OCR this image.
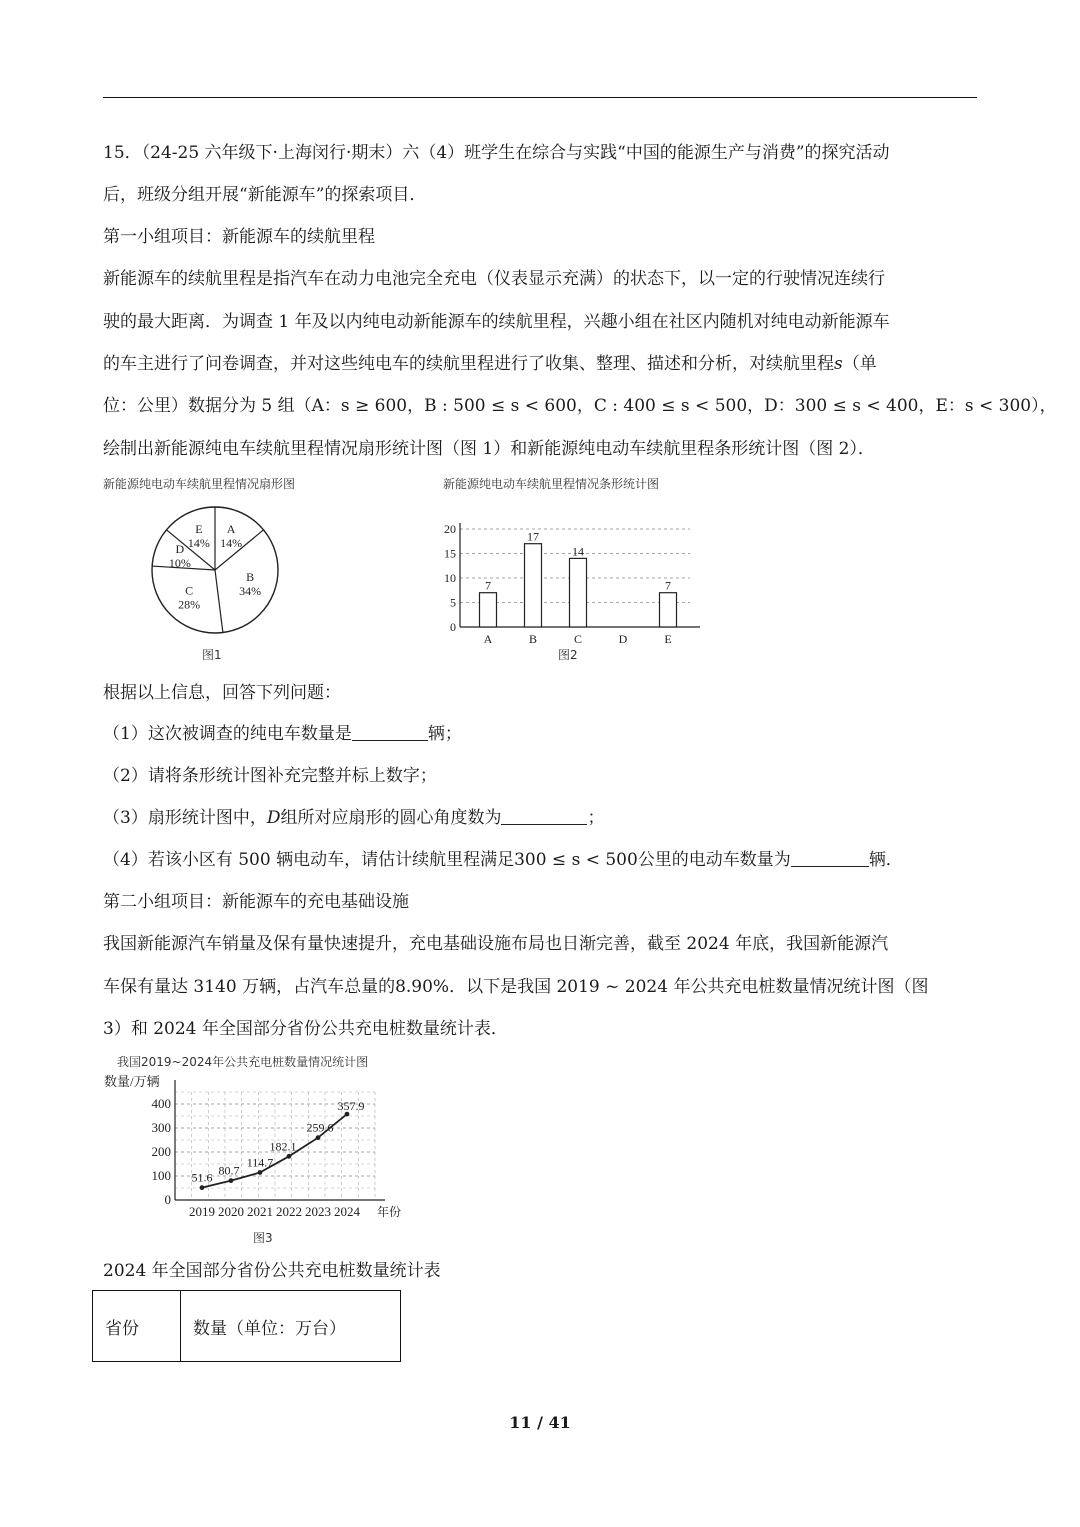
15．（24-25 六年级下·上海闵行·期末）六（4）班学生在综合与实践“中国的能源生产与消费”的探究活动
后，班级分组开展“新能源车”的探索项目．
第一小组项目：新能源车的续航里程
新能源车的续航里程是指汽车在动力电池完全充电（仪表显示充满）的状态下，以一定的行驶情况连续行
驶的最大距离．为调查 1 年及以内纯电动新能源车的续航里程，兴趣小组在社区内随机对纯电动新能源车
的车主进行了问卷调查，并对这些纯电车的续航里程进行了收集、整理、描述和分析，对续航里程s（单
位：公里）数据分为 5 组（A：s ≥ 600，B : 500 ≤ s < 600，C : 400 ≤ s < 500，D：300 ≤ s < 400，E：s < 300），
绘制出新能源纯电车续航里程情况扇形统计图（图 1）和新能源纯电动车续航里程条形统计图（图 2）．
新能源纯电动车续航里程情况扇形图
A
14%
B
34%
C
28%
D
10%
E
14%
图1
新能源纯电动车续航里程情况条形统计图
0
5
10
15
20
7
A
17
B
14
C	D
7
E
图2
根据以上信息，回答下列问题：
（1）这次被调查的纯电车数量是	辆；
（2）请将条形统计图补充完整并标上数字；
（3）扇形统计图中，D组所对应扇形的圆心角度数为	；
（4）若该小区有 500 辆电动车，请估计续航里程满足300 ≤ s < 500公里的电动车数量为	辆．
第二小组项目：新能源车的充电基础设施
我国新能源汽车销量及保有量快速提升，充电基础设施布局也日渐完善，截至 2024 年底，我国新能源汽
车保有量达 3140 万辆，占汽车总量的8.90%．以下是我国 2019 ~ 2024 年公共充电桩数量情况统计图（图
3）和 2024 年全国部分省份公共充电桩数量统计表．
我国2019~2024年公共充电桩数量情况统计图
0
100
200
300
400
数量/万辆
年份
51.6
2019
80.7
2020
114.7
2021
182.1
2022
259.6
2023
357.9
2024
图3
2024 年全国部分省份公共充电桩数量统计表
省份	数量（单位：万台）
11 / 41
